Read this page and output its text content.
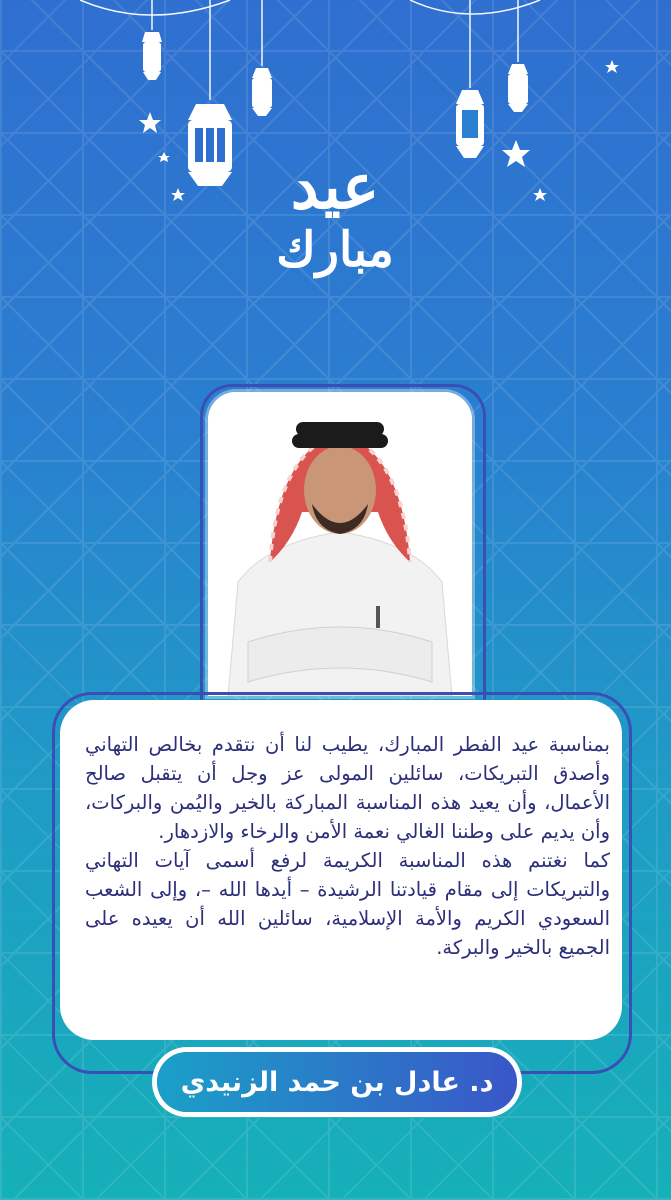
عيد
مبارك

بمناسبة عيد الفطر المبارك، يطيب لنا أن نتقدم بخالص التهاني وأصدق التبريكات، سائلين المولى عز وجل أن يتقبل صالح الأعمال، وأن يعيد هذه المناسبة المباركة بالخير واليُمن والبركات، وأن يديم على وطننا الغالي نعمة الأمن والرخاء والازدهار.

كما نغتنم هذه المناسبة الكريمة لرفع أسمى آيات التهاني والتبريكات إلى مقام قيادتنا الرشيدة – أيدها الله –، وإلى الشعب السعودي الكريم والأمة الإسلامية، سائلين الله أن يعيده على الجميع بالخير والبركة.

د. عادل بن حمد الزنيدي
